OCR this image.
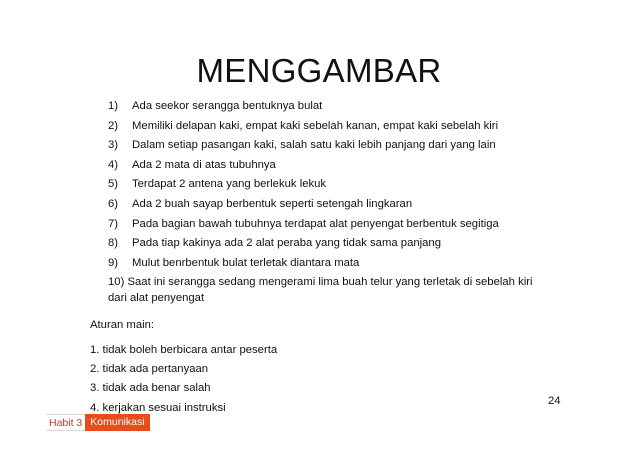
MENGGAMBAR
1)	Ada seekor serangga bentuknya bulat
2)	Memiliki delapan kaki, empat kaki sebelah kanan, empat kaki sebelah kiri
3)	Dalam setiap pasangan kaki, salah satu kaki lebih panjang dari yang lain
4)	Ada 2 mata di atas tubuhnya
5)	Terdapat 2 antena yang berlekuk lekuk
6)	Ada 2 buah sayap berbentuk seperti setengah lingkaran
7)	Pada bagian bawah tubuhnya terdapat alat penyengat berbentuk segitiga
8)	Pada tiap kakinya ada 2 alat peraba yang tidak sama panjang
9)	Mulut benrbentuk bulat terletak diantara mata
10) Saat ini serangga sedang mengerami lima buah telur yang terletak di sebelah kiri dari alat penyengat
Aturan main:
1. tidak boleh berbicara antar peserta
2. tidak ada pertanyaan
3. tidak ada benar salah
4. kerjakan sesuai instruksi
24
Habit 3 Komunikasi
